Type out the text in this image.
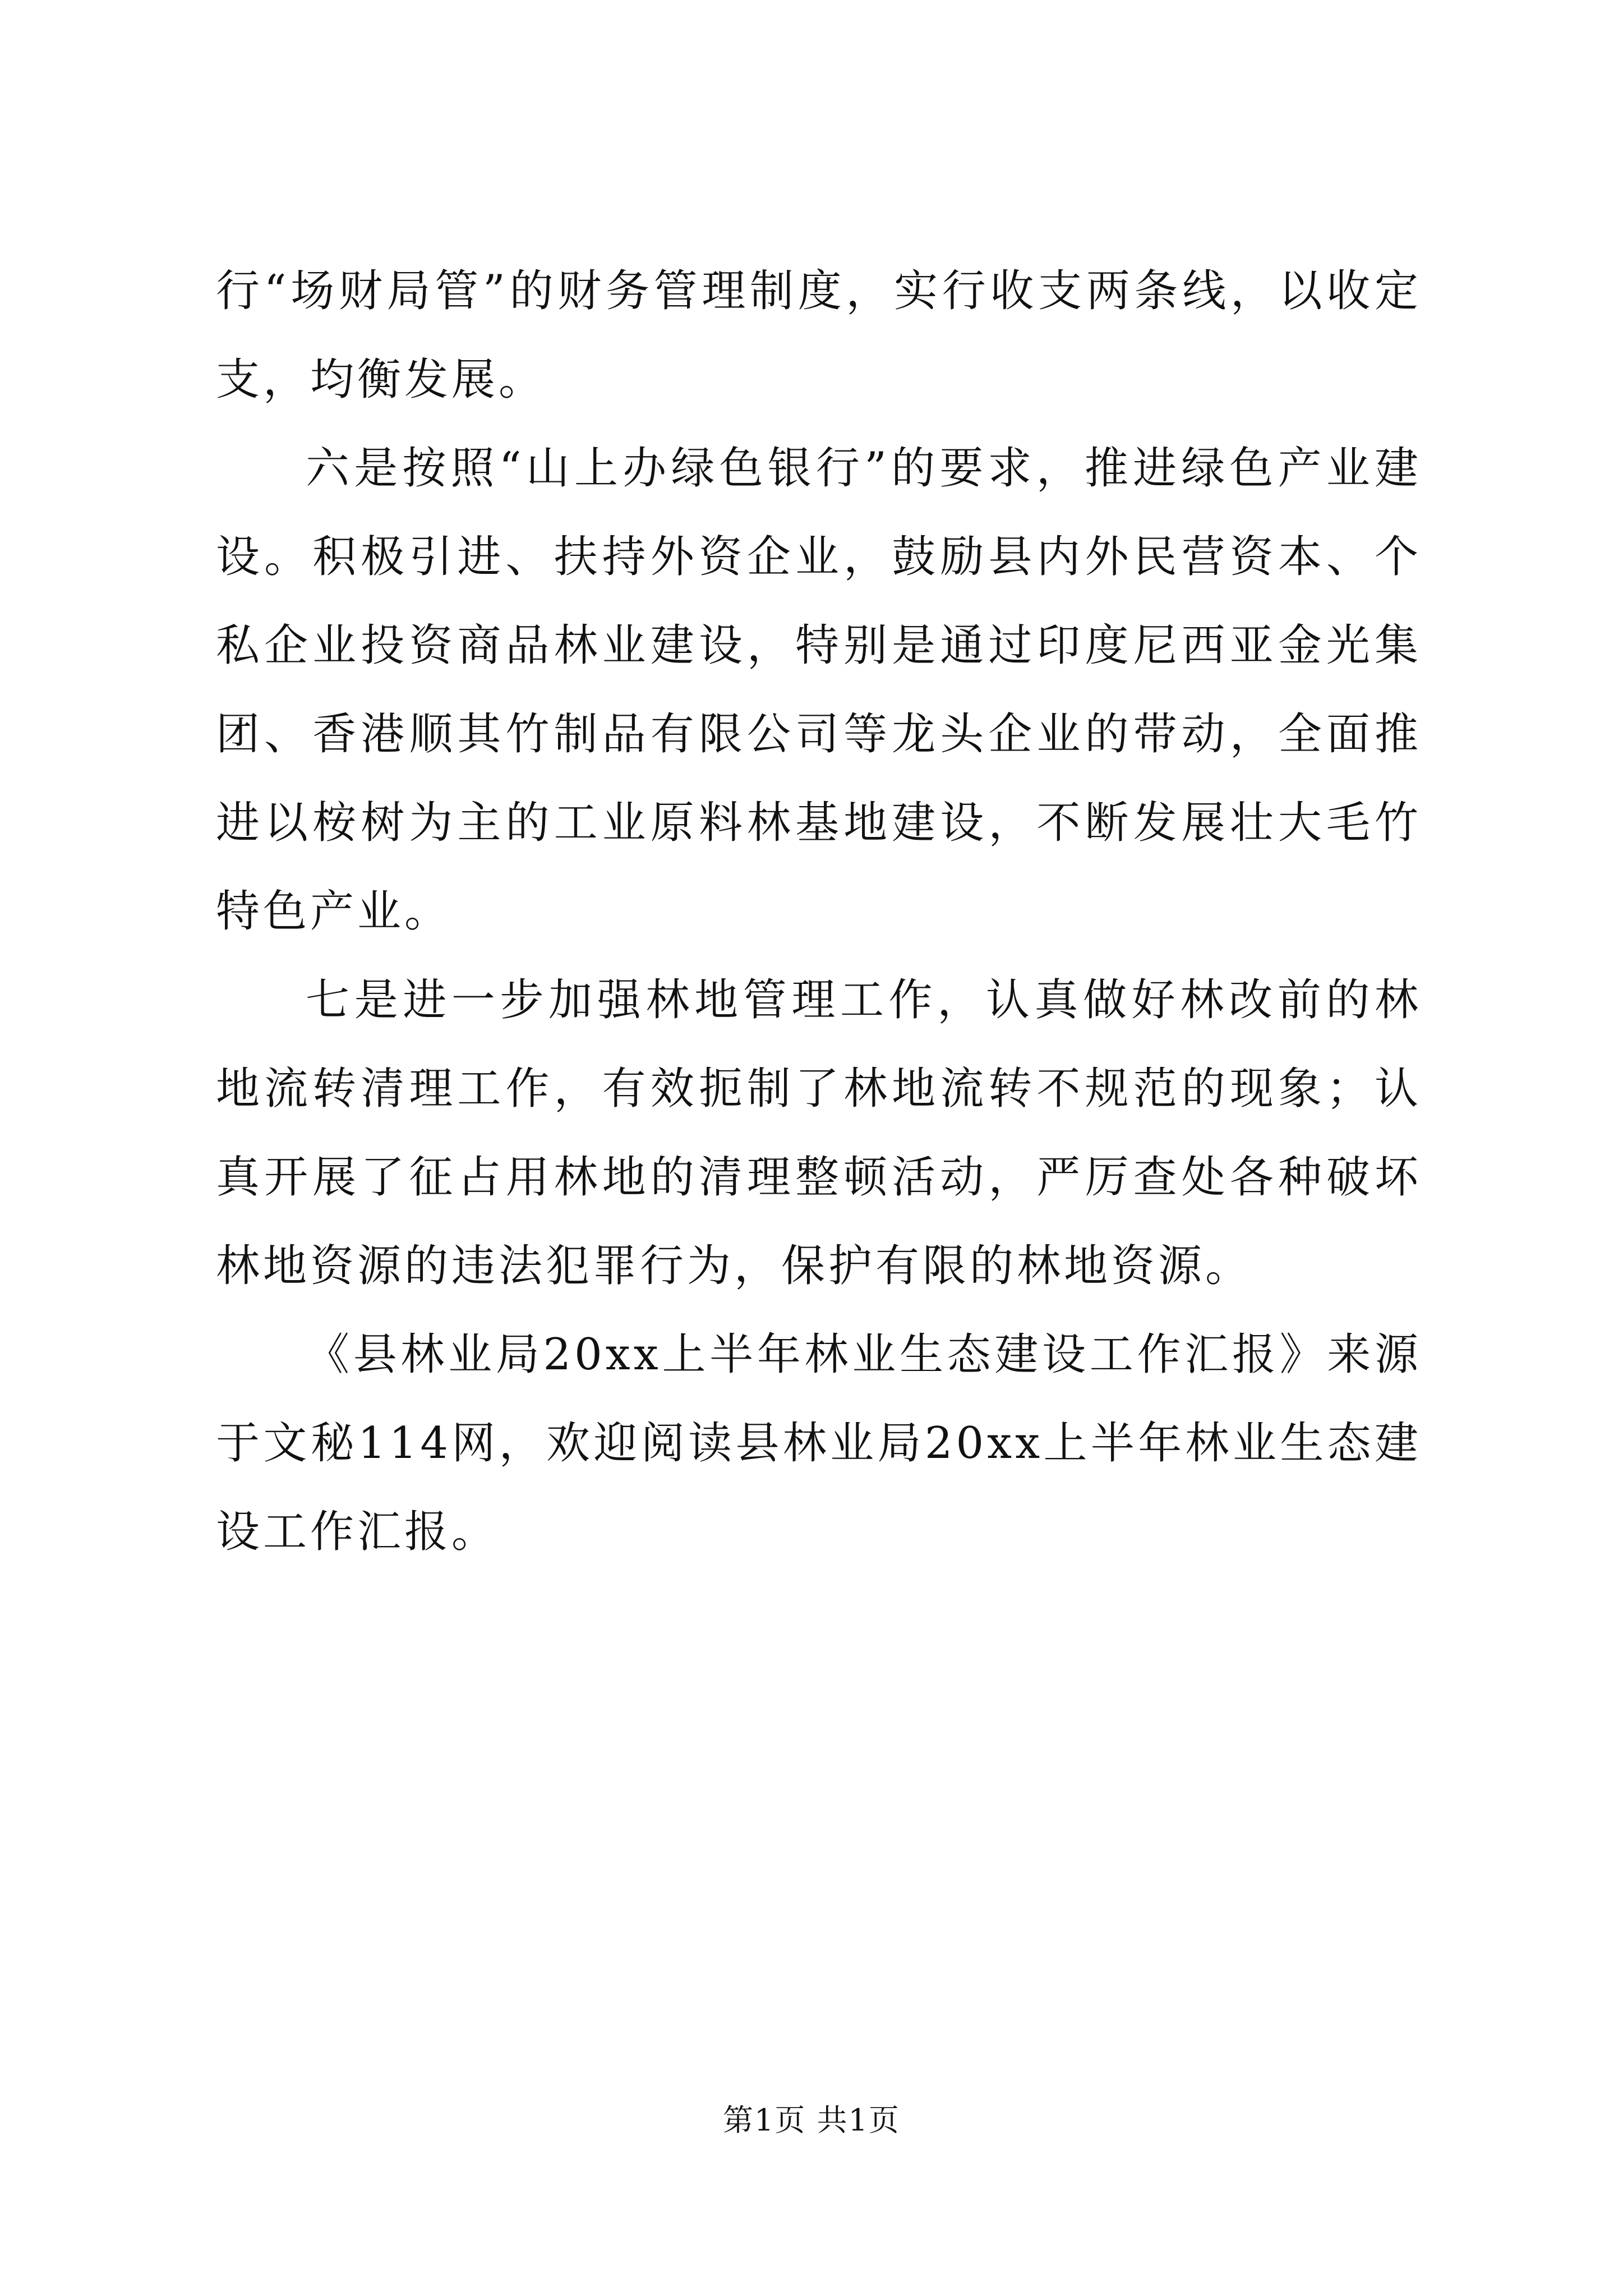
行“场财局管”的财务管理制度，实行收支两条线，以收定支，均衡发展。

六是按照“山上办绿色银行”的要求，推进绿色产业建设。积极引进、扶持外资企业，鼓励县内外民营资本、个私企业投资商品林业建设，特别是通过印度尼西亚金光集团、香港顺其竹制品有限公司等龙头企业的带动，全面推进以桉树为主的工业原料林基地建设，不断发展壮大毛竹特色产业。

七是进一步加强林地管理工作，认真做好林改前的林地流转清理工作，有效扼制了林地流转不规范的现象；认真开展了征占用林地的清理整顿活动，严厉查处各种破坏林地资源的违法犯罪行为，保护有限的林地资源。

《县林业局20xx上半年林业生态建设工作汇报》来源于文秘114网，欢迎阅读县林业局20xx上半年林业生态建设工作汇报。

第1页 共1页
